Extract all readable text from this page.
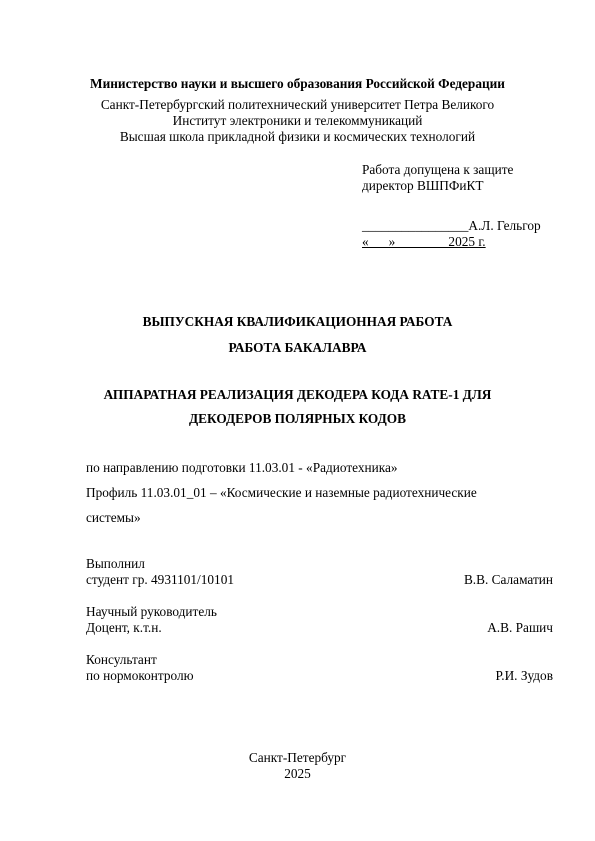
Министерство науки и высшего образования Российской Федерации
Санкт-Петербургский политехнический университет Петра Великого
Институт электроники и телекоммуникаций
Высшая школа прикладной физики и космических технологий
Работа допущена к защите
директор ВШПФиКТ
________________А.Л. Гельгор
«      »                2025 г.
ВЫПУСКНАЯ КВАЛИФИКАЦИОННАЯ РАБОТА
РАБОТА БАКАЛАВРА
АППАРАТНАЯ РЕАЛИЗАЦИЯ ДЕКОДЕРА КОДА RATE-1 ДЛЯ
ДЕКОДЕРОВ ПОЛЯРНЫХ КОДОВ
по направлению подготовки 11.03.01 - «Радиотехника»
Профиль 11.03.01_01 – «Космические и наземные радиотехнические
системы»
Выполнил
студент гр. 4931101/10101	В.В. Саламатин
Научный руководитель
Доцент, к.т.н.	А.В. Рашич
Консультант
по нормоконтролю	Р.И. Зудов
Санкт-Петербург
2025
